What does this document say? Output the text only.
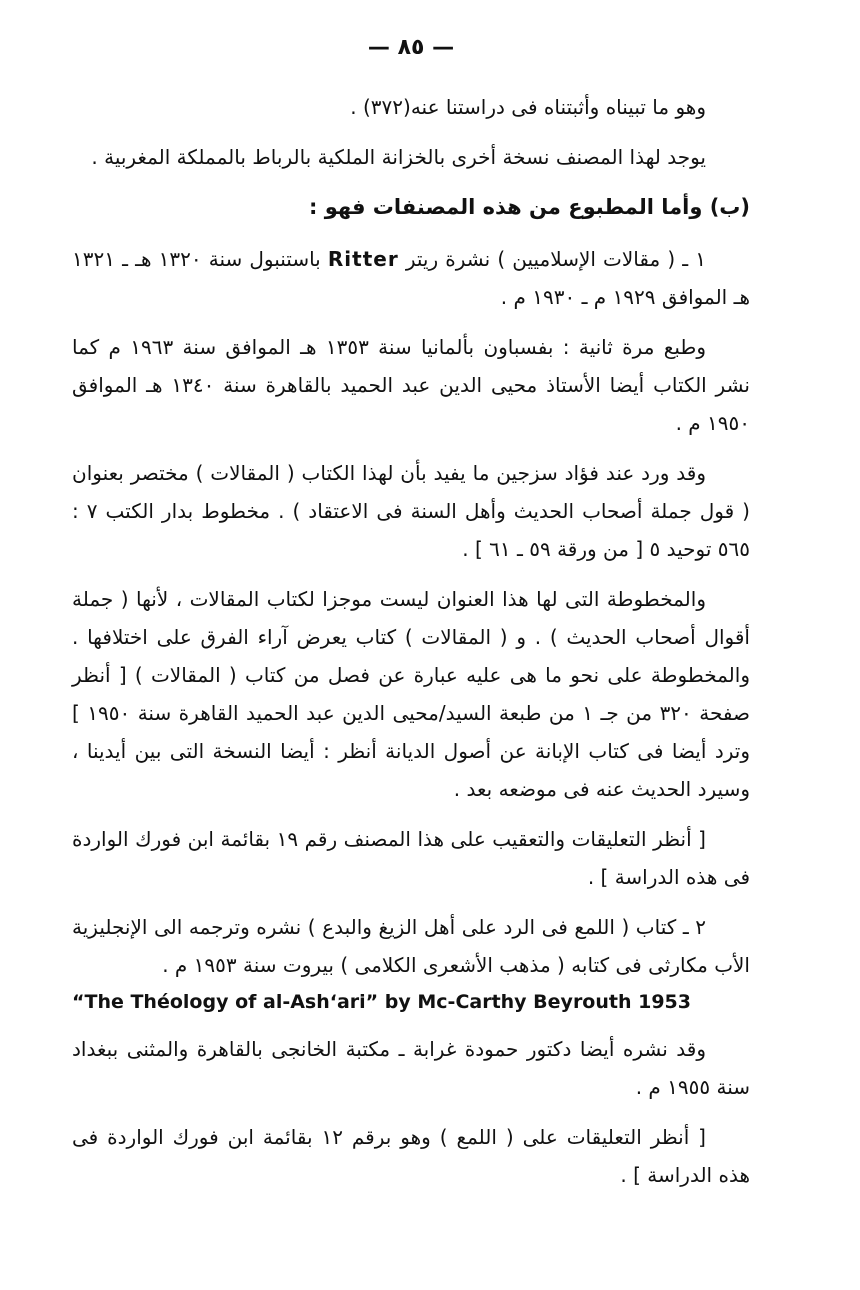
— ٨٥ —

وهو ما تبيناه وأثبتناه فى دراستنا عنه(٣٧٢) .

يوجد لهذا المصنف نسخة أخرى بالخزانة الملكية بالرباط بالمملكة المغربية .

(ب) وأما المطبوع من هذه المصنفات فهو :

١ ـ ( مقالات الإسلاميين ) نشرة ريتر Ritter باستنبول سنة ١٣٢٠ هـ ـ ١٣٢١ هـ الموافق ١٩٢٩ م ـ ١٩٣٠ م .

وطبع مرة ثانية : بفسباون بألمانيا سنة ١٣٥٣ هـ الموافق سنة ١٩٦٣ م كما نشر الكتاب أيضا الأستاذ محيى الدين عبد الحميد بالقاهرة سنة ١٣٤٠ هـ الموافق ١٩٥٠ م .

وقد ورد عند فؤاد سزجين ما يفيد بأن لهذا الكتاب ( المقالات ) مختصر بعنوان ( قول جملة أصحاب الحديث وأهل السنة فى الاعتقاد ) . مخطوط بدار الكتب ٧ : ٥٦٥ توحيد ٥ [ من ورقة ٥٩ ـ ٦١ ] .

والمخطوطة التى لها هذا العنوان ليست موجزا لكتاب المقالات ، لأنها ( جملة أقوال أصحاب الحديث ) . و ( المقالات ) كتاب يعرض آراء الفرق على اختلافها . والمخطوطة على نحو ما هى عليه عبارة عن فصل من كتاب ( المقالات ) [ أنظر صفحة ٣٢٠ من جـ ١ من طبعة السيد/محيى الدين عبد الحميد القاهرة سنة ١٩٥٠ ] وترد أيضا فى كتاب الإبانة عن أصول الديانة أنظر : أيضا النسخة التى بين أيدينا ، وسيرد الحديث عنه فى موضعه بعد .

[ أنظر التعليقات والتعقيب على هذا المصنف رقم ١٩ بقائمة ابن فورك الواردة فى هذه الدراسة ] .

٢ ـ كتاب ( اللمع فى الرد على أهل الزيغ والبدع ) نشره وترجمه الى الإنجليزية الأب مكارثى فى كتابه ( مذهب الأشعرى الكلامى ) بيروت سنة ١٩٥٣ م .

“The Théology of al-Ash‘ari” by Mc-Carthy Beyrouth 1953

وقد نشره أيضا دكتور حمودة غرابة ـ مكتبة الخانجى بالقاهرة والمثنى ببغداد سنة ١٩٥٥ م .

[ أنظر التعليقات على ( اللمع ) وهو برقم ١٢ بقائمة ابن فورك الواردة فى هذه الدراسة ] .
